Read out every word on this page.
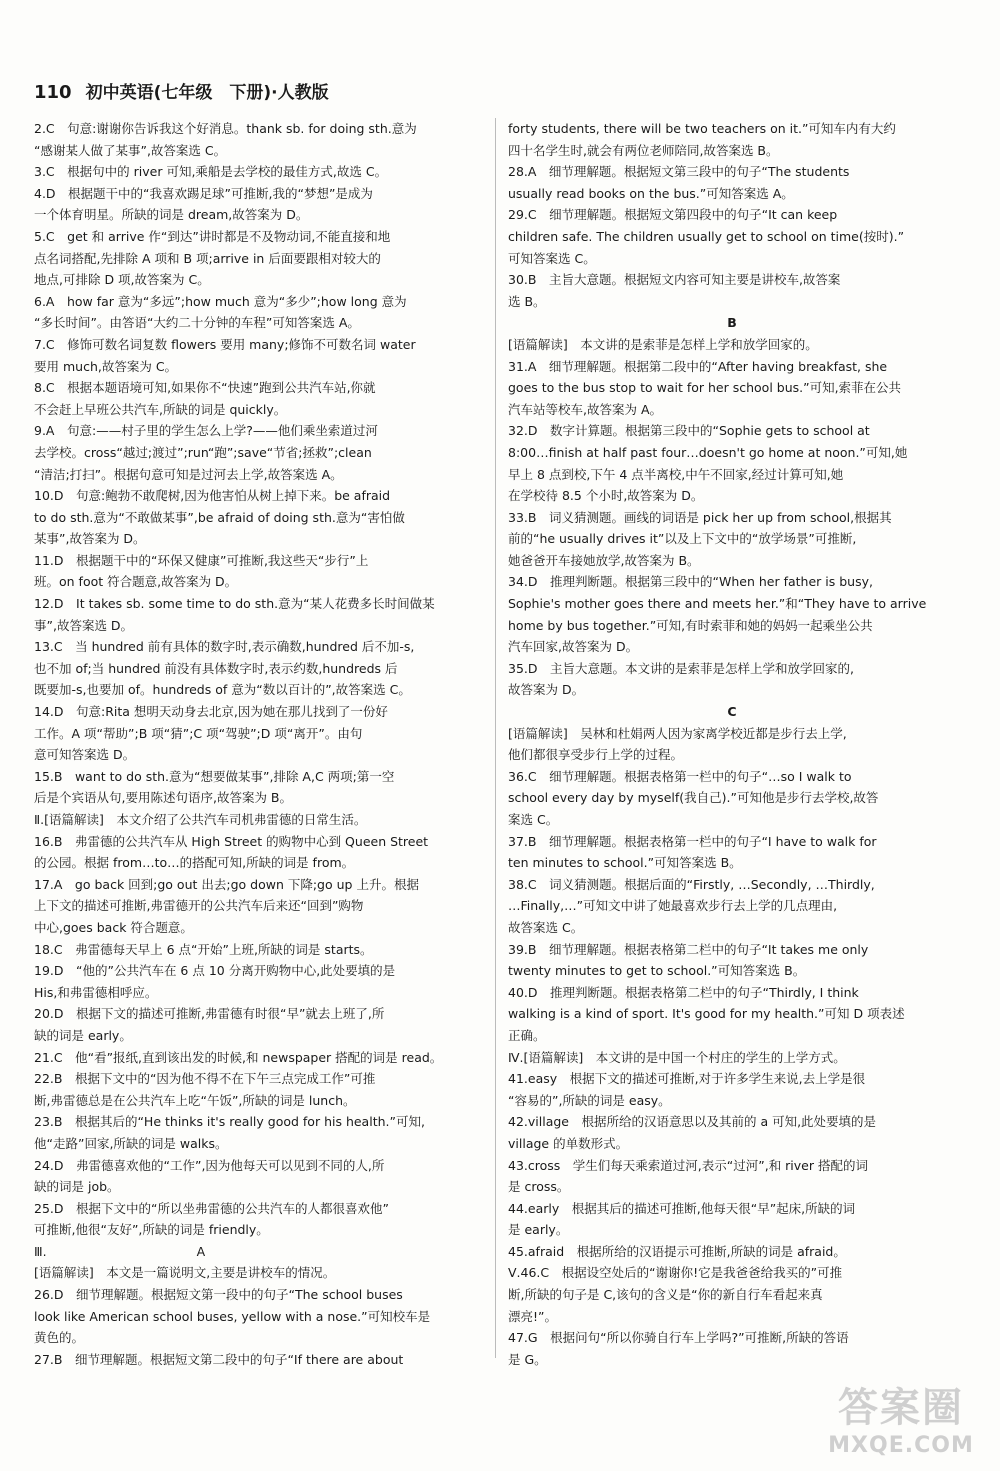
110 初中英语(七年级　下册)·人教版
2.C　句意:谢谢你告诉我这个好消息。thank sb. for doing sth.意为
“感谢某人做了某事”,故答案选 C。
3.C　根据句中的 river 可知,乘船是去学校的最佳方式,故选 C。
4.D　根据题干中的“我喜欢踢足球”可推断,我的“梦想”是成为
一个体育明星。所缺的词是 dream,故答案为 D。
5.C　get 和 arrive 作“到达”讲时都是不及物动词,不能直接和地
点名词搭配,先排除 A 项和 B 项;arrive in 后面要跟相对较大的
地点,可排除 D 项,故答案为 C。
6.A　how far 意为“多远”;how much 意为“多少”;how long 意为
“多长时间”。由答语“大约二十分钟的车程”可知答案选 A。
7.C　修饰可数名词复数 flowers 要用 many;修饰不可数名词 water
要用 much,故答案为 C。
8.C　根据本题语境可知,如果你不“快速”跑到公共汽车站,你就
不会赶上早班公共汽车,所缺的词是 quickly。
9.A　句意:——村子里的学生怎么上学?——他们乘坐索道过河
去学校。cross“越过;渡过”;run“跑”;save“节省;拯救”;clean
“清洁;打扫”。根据句意可知是过河去上学,故答案选 A。
10.D　句意:鲍勃不敢爬树,因为他害怕从树上掉下来。be afraid
to do sth.意为“不敢做某事”,be afraid of doing sth.意为“害怕做
某事”,故答案为 D。
11.D　根据题干中的“环保又健康”可推断,我这些天“步行”上
班。on foot 符合题意,故答案为 D。
12.D　It takes sb. some time to do sth.意为“某人花费多长时间做某
事”,故答案选 D。
13.C　当 hundred 前有具体的数字时,表示确数,hundred 后不加-s,
也不加 of;当 hundred 前没有具体数字时,表示约数,hundreds 后
既要加-s,也要加 of。hundreds of 意为“数以百计的”,故答案选 C。
14.D　句意:Rita 想明天动身去北京,因为她在那儿找到了一份好
工作。A 项“帮助”;B 项“猜”;C 项“驾驶”;D 项“离开”。由句
意可知答案选 D。
15.B　want to do sth.意为“想要做某事”,排除 A,C 两项;第一空
后是个宾语从句,要用陈述句语序,故答案为 B。
Ⅱ.[语篇解读]　本文介绍了公共汽车司机弗雷德的日常生活。
16.B　弗雷德的公共汽车从 High Street 的购物中心到 Queen Street
的公园。根据 from…to…的搭配可知,所缺的词是 from。
17.A　go back 回到;go out 出去;go down 下降;go up 上升。根据
上下文的描述可推断,弗雷德开的公共汽车后来还“回到”购物
中心,goes back 符合题意。
18.C　弗雷德每天早上 6 点“开始”上班,所缺的词是 starts。
19.D　“他的”公共汽车在 6 点 10 分离开购物中心,此处要填的是
His,和弗雷德相呼应。
20.D　根据下文的描述可推断,弗雷德有时很“早”就去上班了,所
缺的词是 early。
21.C　他“看”报纸,直到该出发的时候,和 newspaper 搭配的词是 read。
22.B　根据下文中的“因为他不得不在下午三点完成工作”可推
断,弗雷德总是在公共汽车上吃“午饭”,所缺的词是 lunch。
23.B　根据其后的“He thinks it's really good for his health.”可知,
他“走路”回家,所缺的词是 walks。
24.D　弗雷德喜欢他的“工作”,因为他每天可以见到不同的人,所
缺的词是 job。
25.D　根据下文中的“所以坐弗雷德的公共汽车的人都很喜欢他”
可推断,他很“友好”,所缺的词是 friendly。
Ⅲ.　　　　　　　　　　　　A
[语篇解读]　本文是一篇说明文,主要是讲校车的情况。
26.D　细节理解题。根据短文第一段中的句子“The school buses
look like American school buses, yellow with a nose.”可知校车是
黄色的。
27.B　细节理解题。根据短文第二段中的句子“If there are about
forty students, there will be two teachers on it.”可知车内有大约
四十名学生时,就会有两位老师陪同,故答案选 B。
28.A　细节理解题。根据短文第三段中的句子“The students
usually read books on the bus.”可知答案选 A。
29.C　细节理解题。根据短文第四段中的句子“It can keep
children safe. The children usually get to school on time(按时).”
可知答案选 C。
30.B　主旨大意题。根据短文内容可知主要是讲校车,故答案
选 B。
B
[语篇解读]　本文讲的是索菲是怎样上学和放学回家的。
31.A　细节理解题。根据第二段中的“After having breakfast, she
goes to the bus stop to wait for her school bus.”可知,索菲在公共
汽车站等校车,故答案为 A。
32.D　数字计算题。根据第三段中的“Sophie gets to school at
8:00…finish at half past four…doesn't go home at noon.”可知,她
早上 8 点到校,下午 4 点半离校,中午不回家,经过计算可知,她
在学校待 8.5 个小时,故答案为 D。
33.B　词义猜测题。画线的词语是 pick her up from school,根据其
前的“he usually drives it”以及上下文中的“放学场景”可推断,
她爸爸开车接她放学,故答案为 B。
34.D　推理判断题。根据第三段中的“When her father is busy,
Sophie's mother goes there and meets her.”和“They have to arrive
home by bus together.”可知,有时索菲和她的妈妈一起乘坐公共
汽车回家,故答案为 D。
35.D　主旨大意题。本文讲的是索菲是怎样上学和放学回家的,
故答案为 D。
C
[语篇解读]　吴林和杜娟两人因为家离学校近都是步行去上学,
他们都很享受步行上学的过程。
36.C　细节理解题。根据表格第一栏中的句子“…so I walk to
school every day by myself(我自己).”可知他是步行去学校,故答
案选 C。
37.B　细节理解题。根据表格第一栏中的句子“I have to walk for
ten minutes to school.”可知答案选 B。
38.C　词义猜测题。根据后面的“Firstly, …Secondly, …Thirdly,
…Finally,…”可知文中讲了她最喜欢步行去上学的几点理由,
故答案选 C。
39.B　细节理解题。根据表格第二栏中的句子“It takes me only
twenty minutes to get to school.”可知答案选 B。
40.D　推理判断题。根据表格第二栏中的句子“Thirdly, I think
walking is a kind of sport. It's good for my health.”可知 D 项表述
正确。
Ⅳ.[语篇解读]　本文讲的是中国一个村庄的学生的上学方式。
41.easy　根据下文的描述可推断,对于许多学生来说,去上学是很
“容易的”,所缺的词是 easy。
42.village　根据所给的汉语意思以及其前的 a 可知,此处要填的是
village 的单数形式。
43.cross　学生们每天乘索道过河,表示“过河”,和 river 搭配的词
是 cross。
44.early　根据其后的描述可推断,他每天很“早”起床,所缺的词
是 early。
45.afraid　根据所给的汉语提示可推断,所缺的词是 afraid。
Ⅴ.46.C　根据设空处后的“谢谢你!它是我爸爸给我买的”可推
断,所缺的句子是 C,该句的含义是“你的新自行车看起来真
漂亮!”。
47.G　根据问句“所以你骑自行车上学吗?”可推断,所缺的答语
是 G。
答案圈
MXQE.COM
